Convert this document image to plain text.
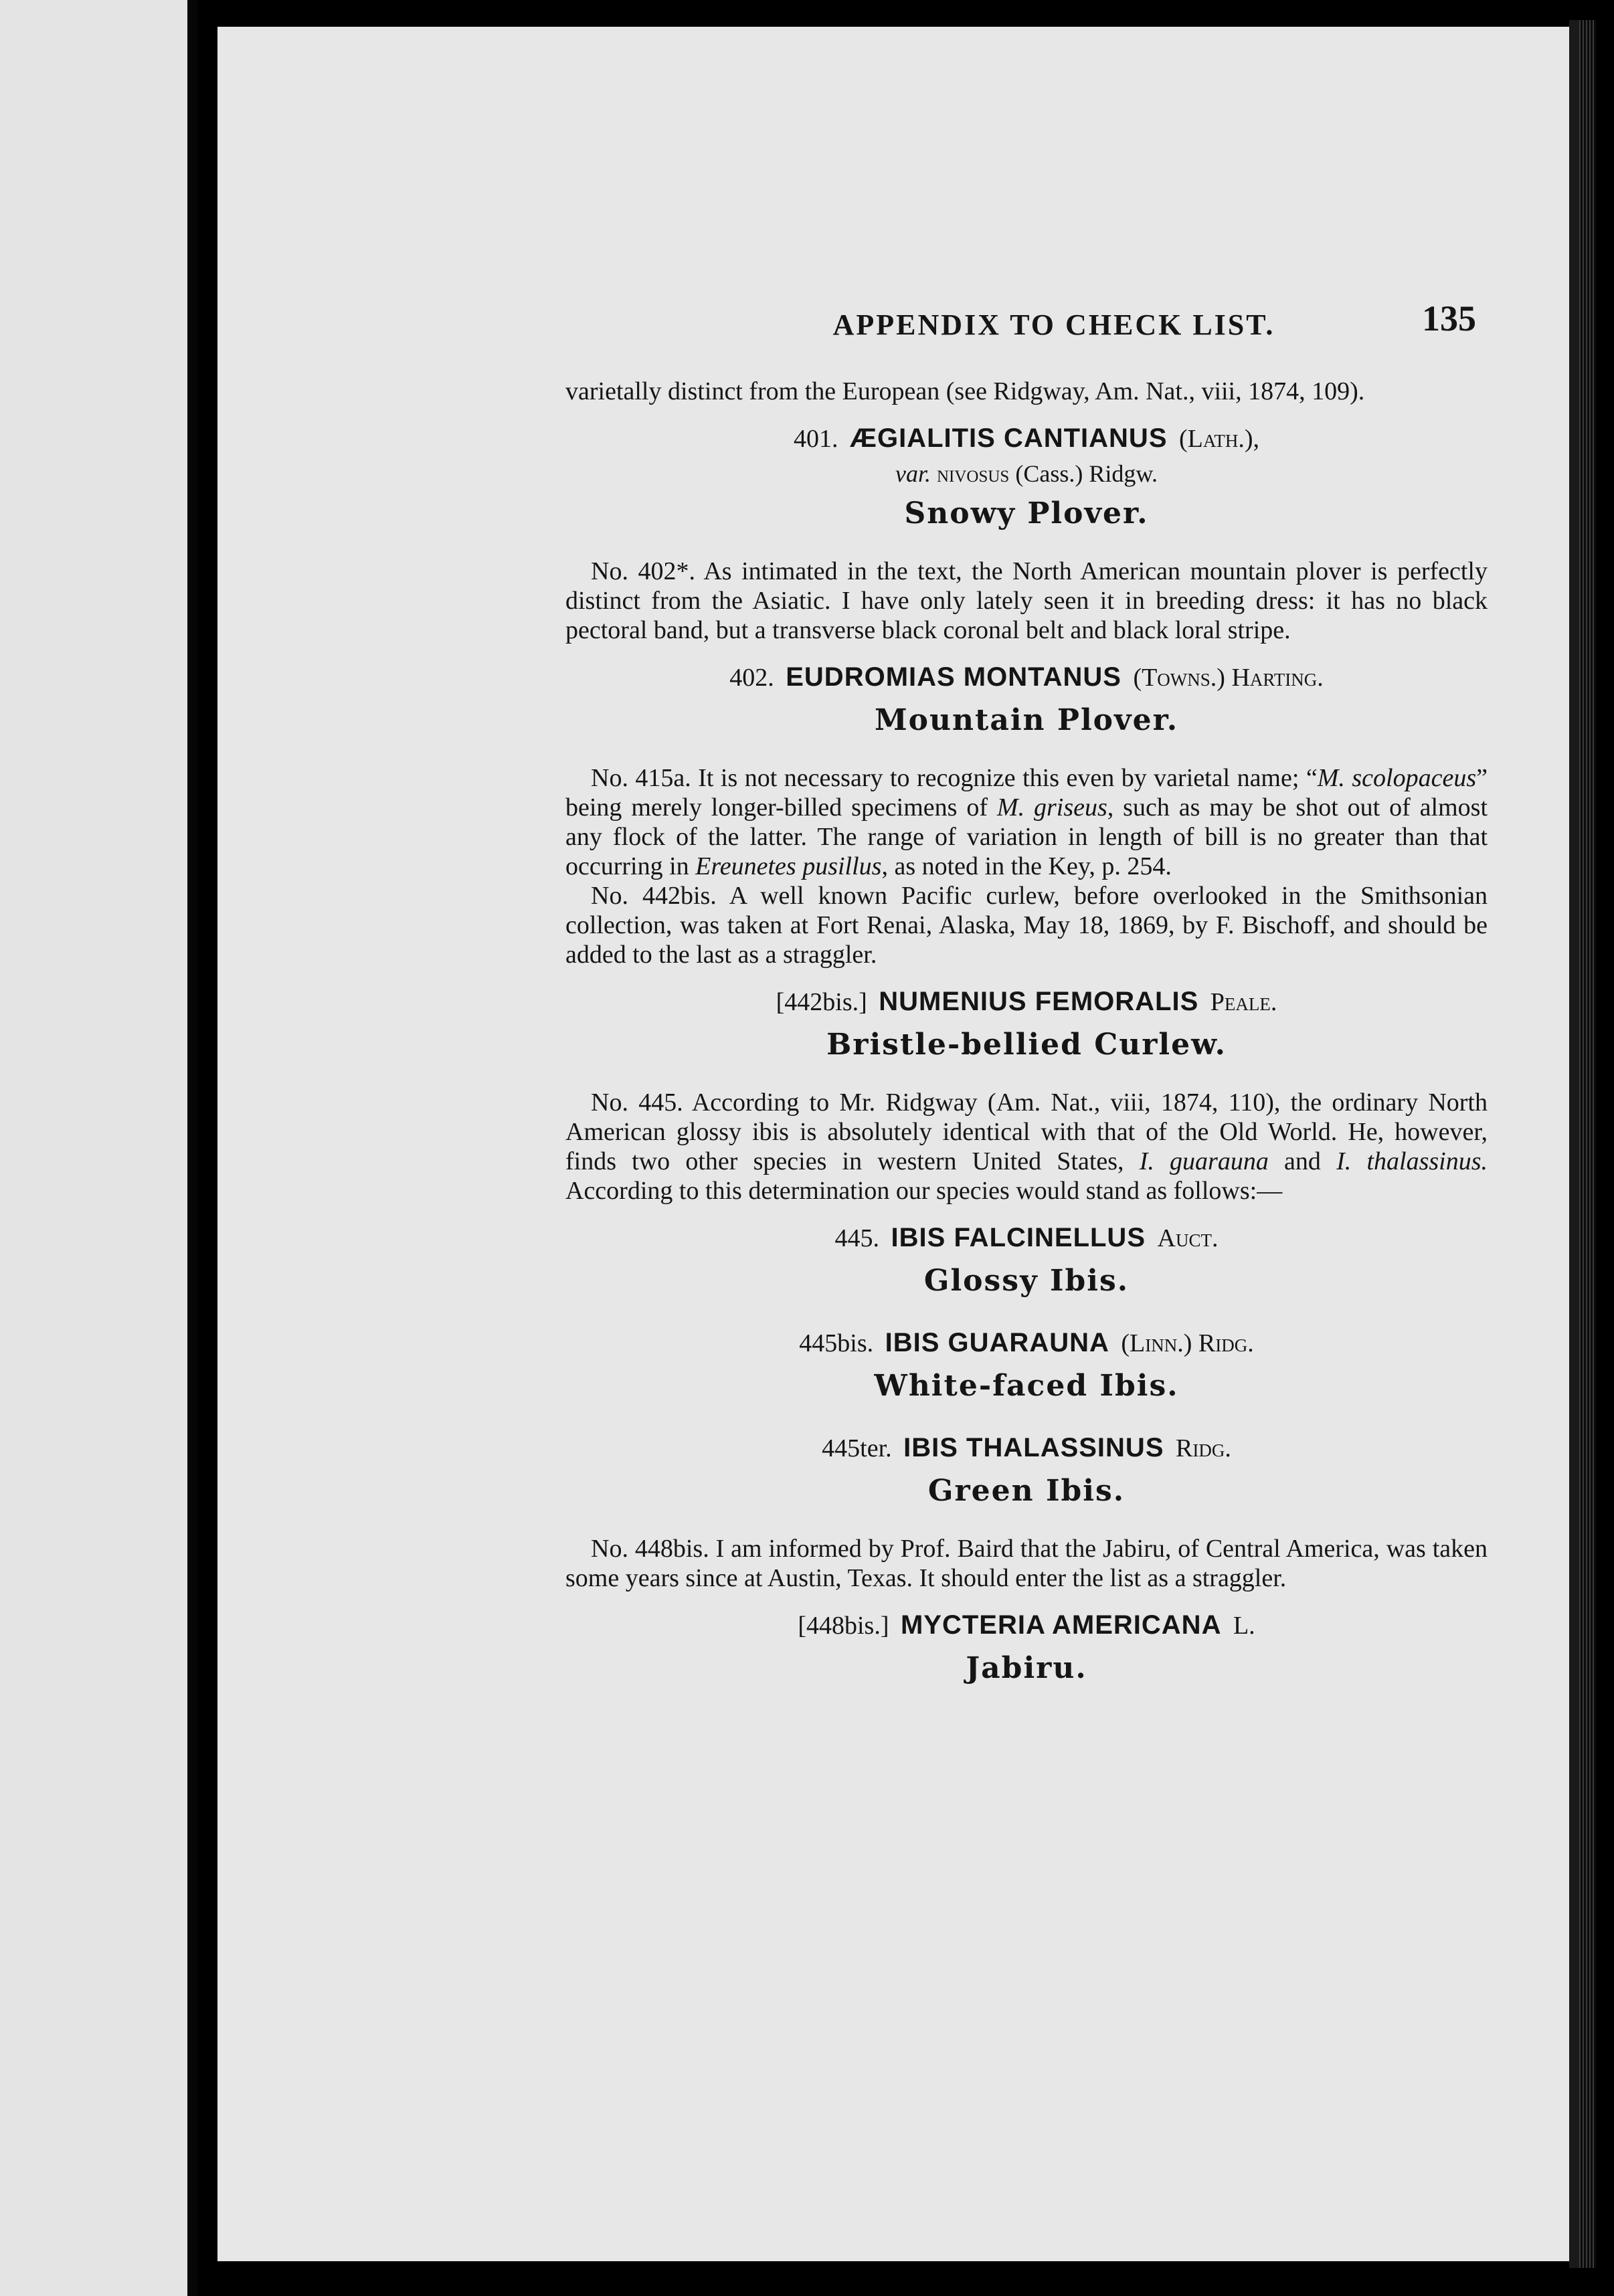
APPENDIX TO CHECK LIST.	135

varietally distinct from the European (see Ridgway, Am. Nat., viii, 1874, 109).

401. ÆGIALITIS CANTIANUS (Lath.),
var. nivosus (Cass.) Ridgw.
Snowy Plover.

No. 402*. As intimated in the text, the North American mountain plover is perfectly distinct from the Asiatic. I have only lately seen it in breeding dress: it has no black pectoral band, but a transverse black coronal belt and black loral stripe.

402. EUDROMIAS MONTANUS (Towns.) Harting.
Mountain Plover.

No. 415a. It is not necessary to recognize this even by varietal name; “M. scolopaceus” being merely longer-billed specimens of M. griseus, such as may be shot out of almost any flock of the latter. The range of variation in length of bill is no greater than that occurring in Ereunetes pusillus, as noted in the Key, p. 254.

No. 442bis. A well known Pacific curlew, before overlooked in the Smithsonian collection, was taken at Fort Renai, Alaska, May 18, 1869, by F. Bischoff, and should be added to the last as a straggler.

[442bis.] NUMENIUS FEMORALIS Peale.
Bristle-bellied Curlew.

No. 445. According to Mr. Ridgway (Am. Nat., viii, 1874, 110), the ordinary North American glossy ibis is absolutely identical with that of the Old World. He, however, finds two other species in western United States, I. guarauna and I. thalassinus. According to this determination our species would stand as follows:—

445. IBIS FALCINELLUS Auct.
Glossy Ibis.
445bis. IBIS GUARAUNA (Linn.) Ridg.
White-faced Ibis.
445ter. IBIS THALASSINUS Ridg.
Green Ibis.

No. 448bis. I am informed by Prof. Baird that the Jabiru, of Central America, was taken some years since at Austin, Texas. It should enter the list as a straggler.

[448bis.] MYCTERIA AMERICANA L.
Jabiru.
